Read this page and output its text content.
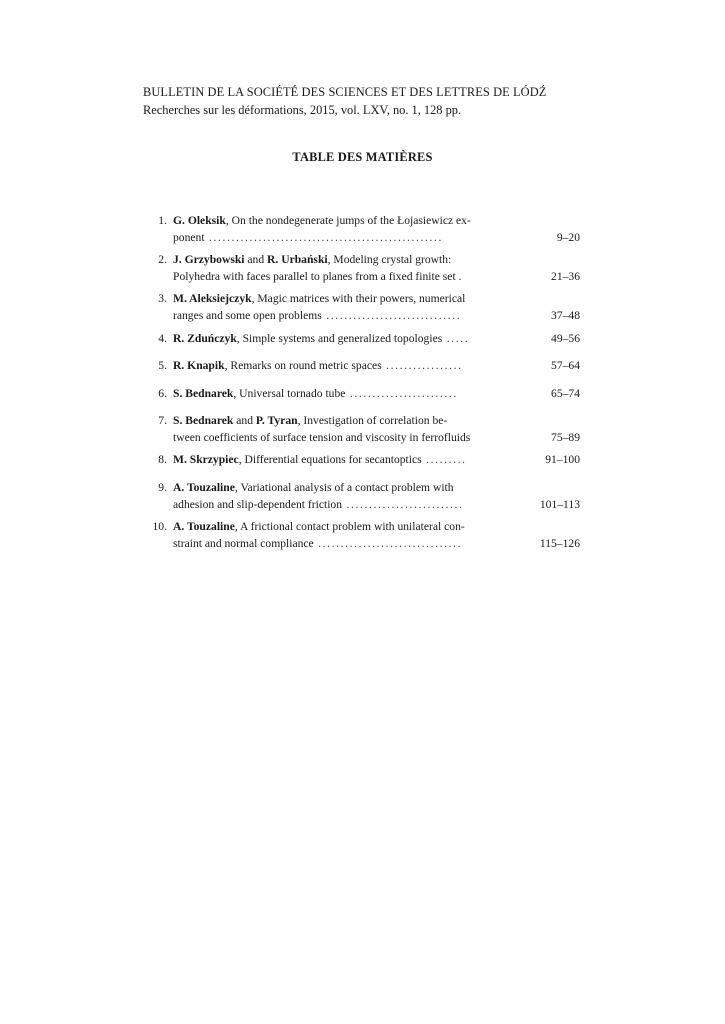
BULLETIN DE LA SOCIÉTÉ DES SCIENCES ET DES LETTRES DE LÓDŹ
Recherches sur les déformations, 2015, vol. LXV, no. 1, 128 pp.
TABLE DES MATIÈRES
1. G. Oleksik, On the nondegenerate jumps of the Łojasiewicz ex-
ponent ....................................................	9–20
2. J. Grzybowski and R. Urbański, Modeling crystal growth:
Polyhedra with faces parallel to planes from a fixed finite set .	21–36
3. M. Aleksiejczyk, Magic matrices with their powers, numerical
ranges and some open problems ..............................	37–48
4. R. Zduńczyk, Simple systems and generalized topologies .....	49–56
5. R. Knapik, Remarks on round metric spaces .................	57–64
6. S. Bednarek, Universal tornado tube ........................	65–74
7. S. Bednarek and P. Tyran, Investigation of correlation be-
tween coefficients of surface tension and viscosity in ferrofluids	75–89
8. M. Skrzypiec, Differential equations for secantoptics .........	91–100
9. A. Touzaline, Variational analysis of a contact problem with
adhesion and slip-dependent friction ..........................	101–113
10. A. Touzaline, A frictional contact problem with unilateral con-
straint and normal compliance ................................	115–126
